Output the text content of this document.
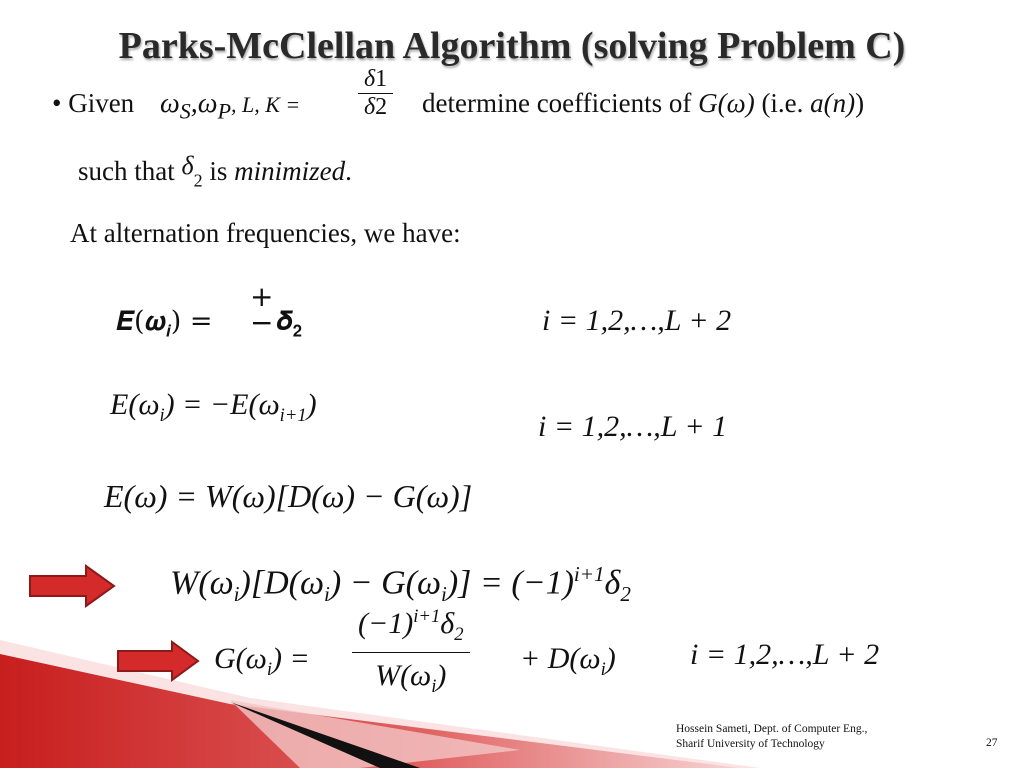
Parks-McClellan Algorithm (solving Problem C)
• Given $\omega_S,\omega_P$, L, $K = \frac{\delta 1}{\delta 2}$ determine coefficients of G(ω) (i.e. a(n))
such that $\delta_2$ is minimized.
At alternation frequencies, we have:
𝑬(𝝎$_𝒊$) =
+
− 𝜹$_𝟐$	i = 1,2,…,L + 2
$E(\omega_i) = -E(\omega_{i+1})$
i = 1,2,…,L + 1
E(ω) = W(ω)[D(ω) − G(ω)]
$W(\omega_i)[D(\omega_i) - G(\omega_i)] = (-1)^{i+1}\delta_2$
$G(\omega_i) = \frac{(-1)^{i+1}\delta_2}{W(\omega_i)} + D(\omega_i) i$ = 1,2,…,L + 2
Hossein Sameti, Dept. of Computer Eng.,
Sharif University of Technology	27
